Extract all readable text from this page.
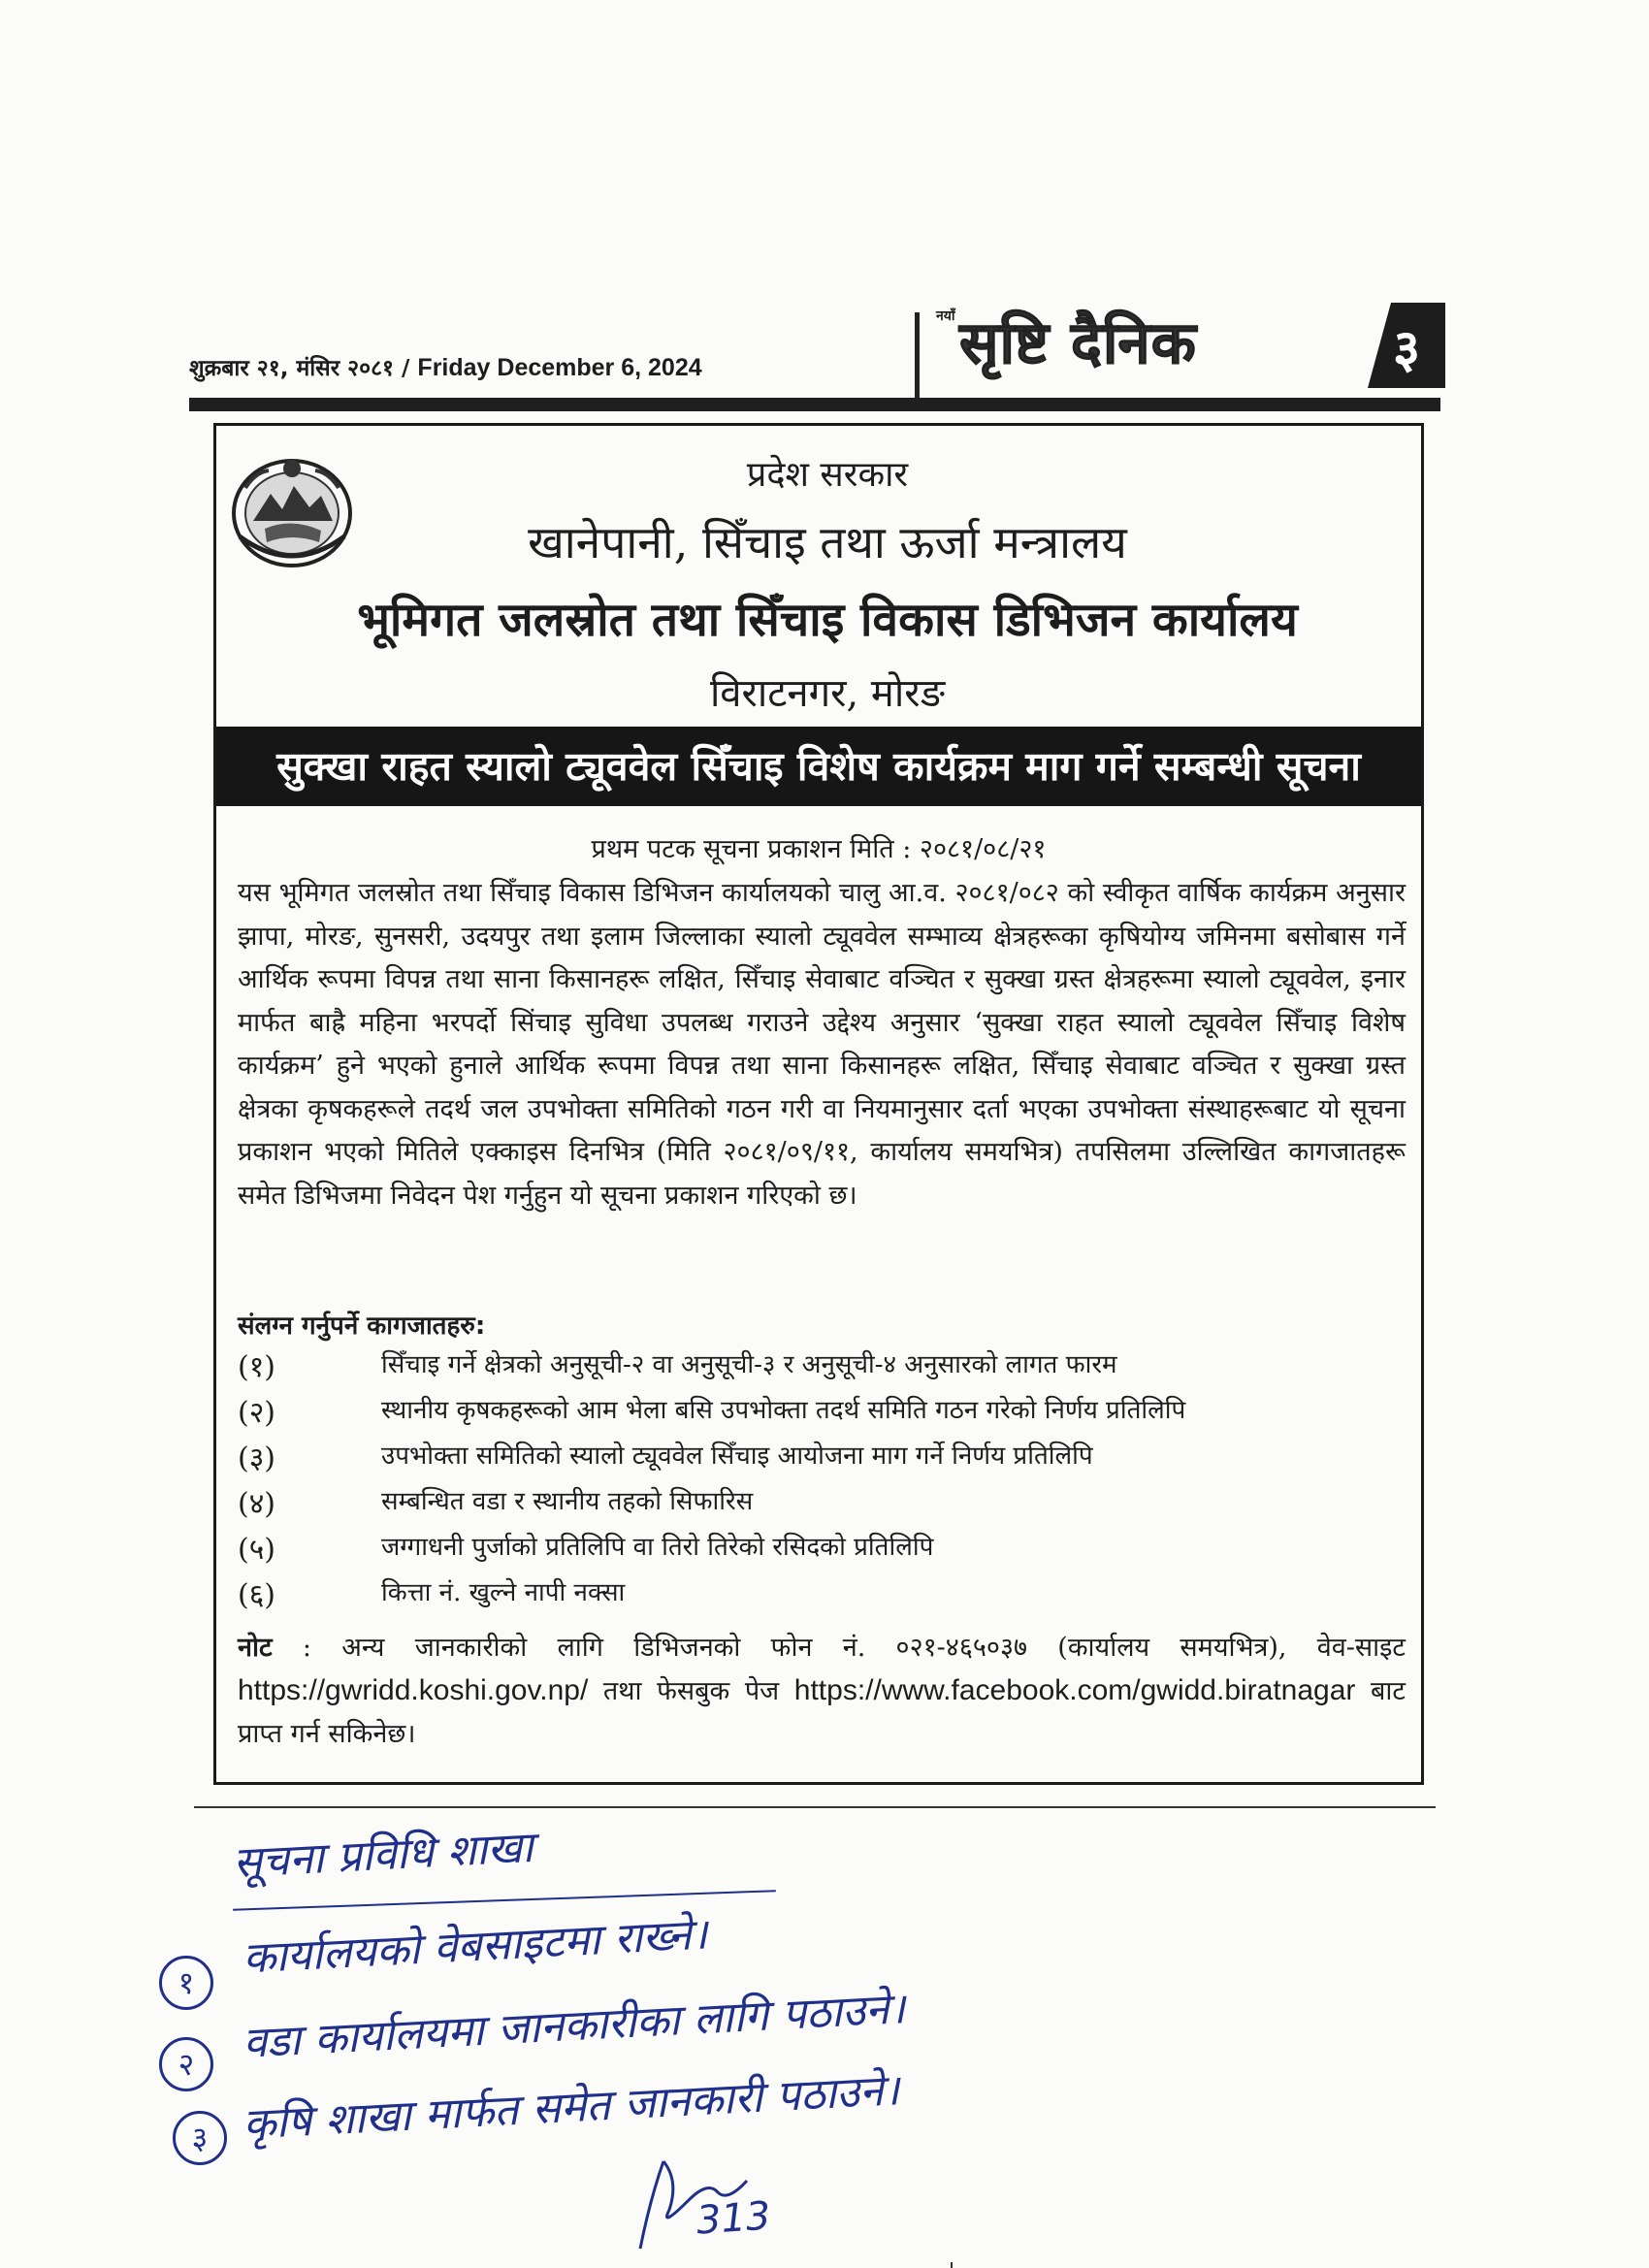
शुक्रबार २१, मंसिर २०८१ / Friday December 6, 2024
नयाँ सृष्टि दैनिक	३
प्रदेश सरकार
खानेपानी, सिँचाइ तथा ऊर्जा मन्त्रालय
भूमिगत जलस्रोत तथा सिँचाइ विकास डिभिजन कार्यालय
विराटनगर, मोरङ
सुक्खा राहत स्यालो ट्यूववेल सिँचाइ विशेष कार्यक्रम माग गर्ने सम्बन्धी सूचना
प्रथम पटक सूचना प्रकाशन मिति : २०८१/०८/२१
यस भूमिगत जलस्रोत तथा सिँचाइ विकास डिभिजन कार्यालयको चालु आ.व. २०८१/०८२ को स्वीकृत वार्षिक कार्यक्रम अनुसार झापा, मोरङ, सुनसरी, उदयपुर तथा इलाम जिल्लाका स्यालो ट्यूववेल सम्भाव्य क्षेत्रहरूका कृषियोग्य जमिनमा बसोबास गर्ने आर्थिक रूपमा विपन्न तथा साना किसानहरू लक्षित, सिँचाइ सेवाबाट वञ्चित र सुक्खा ग्रस्त क्षेत्रहरूमा स्यालो ट्यूववेल, इनार मार्फत बाह्रै महिना भरपर्दो सिंचाइ सुविधा उपलब्ध गराउने उद्देश्य अनुसार ‘सुक्खा राहत स्यालो ट्यूववेल सिँचाइ विशेष कार्यक्रम’ हुने भएको हुनाले आर्थिक रूपमा विपन्न तथा साना किसानहरू लक्षित, सिँचाइ सेवाबाट वञ्चित र सुक्खा ग्रस्त क्षेत्रका कृषकहरूले तदर्थ जल उपभोक्ता समितिको गठन गरी वा नियमानुसार दर्ता भएका उपभोक्ता संस्थाहरूबाट यो सूचना प्रकाशन भएको मितिले एक्काइस दिनभित्र (मिति २०८१/०९/११, कार्यालय समयभित्र) तपसिलमा उल्लिखित कागजातहरू समेत डिभिजमा निवेदन पेश गर्नुहुन यो सूचना प्रकाशन गरिएको छ।
संलग्न गर्नुपर्ने कागजातहरु:
(१)	सिँचाइ गर्ने क्षेत्रको अनुसूची-२ वा अनुसूची-३ र अनुसूची-४ अनुसारको लागत फारम
(२)	स्थानीय कृषकहरूको आम भेला बसि उपभोक्ता तदर्थ समिति गठन गरेको निर्णय प्रतिलिपि
(३)	उपभोक्ता समितिको स्यालो ट्यूववेल सिँचाइ आयोजना माग गर्ने निर्णय प्रतिलिपि
(४)	सम्बन्धित वडा र स्थानीय तहको सिफारिस
(५)	जग्गाधनी पुर्जाको प्रतिलिपि वा तिरो तिरेको रसिदको प्रतिलिपि
(६)	कित्ता नं. खुल्ने नापी नक्सा
नोट : अन्य जानकारीको लागि डिभिजनको फोन नं. ०२१-४६५०३७ (कार्यालय समयभित्र), वेव-साइट https://gwridd.koshi.gov.np/ तथा फेसबुक पेज https://www.facebook.com/gwidd.biratnagar बाट प्राप्त गर्न सकिनेछ।
सूचना प्रविधि शाखा
१	कार्यालयको वेबसाइटमा राख्ने।
२	वडा कार्यालयमा जानकारीका लागि पठाउने।
३ कृषि शाखा मार्फत समेत जानकारी पठाउने।
313
